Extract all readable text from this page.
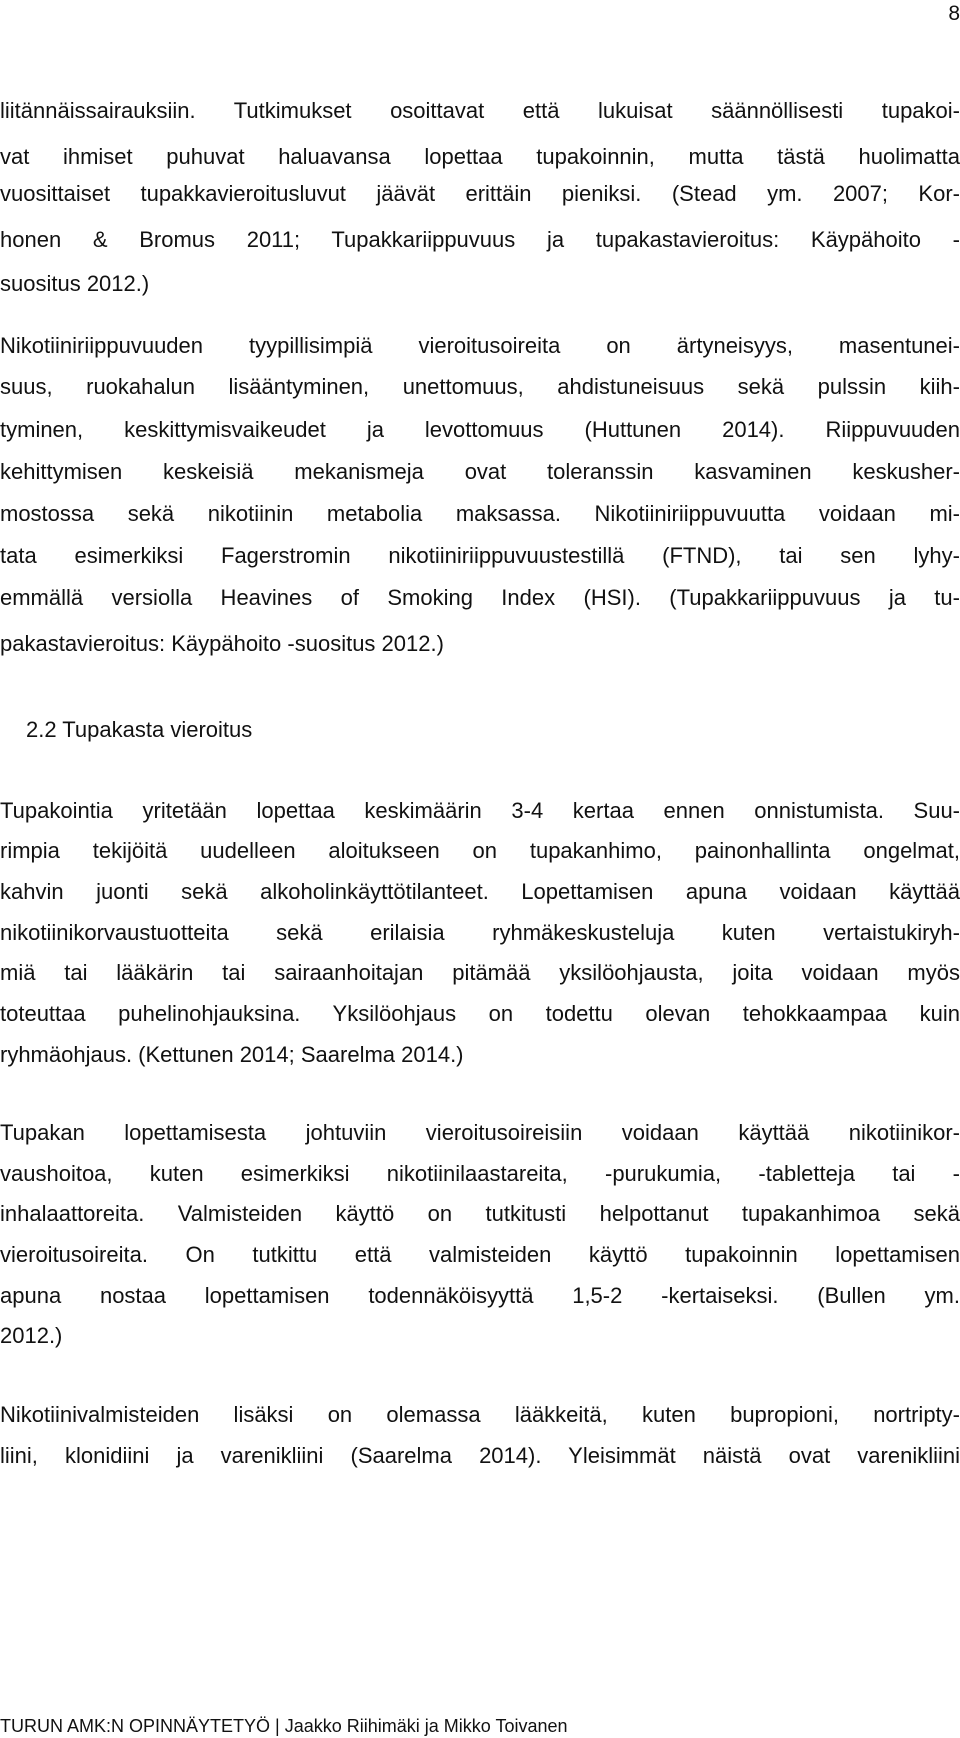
8
liitännäissairauksiin. Tutkimukset osoittavat että lukuisat säännöllisesti tupakoi-
vat ihmiset puhuvat haluavansa lopettaa tupakoinnin, mutta tästä huolimatta
vuosittaiset tupakkavieroitusluvut jäävät erittäin pieniksi. (Stead ym. 2007; Kor-
honen & Bromus 2011; Tupakkariippuvuus ja tupakastavieroitus: Käypähoito -
suositus 2012.)
Nikotiiniriippuvuuden tyypillisimpiä vieroitusoireita on ärtyneisyys, masentunei-
suus, ruokahalun lisääntyminen, unettomuus, ahdistuneisuus sekä pulssin kiih-
tyminen, keskittymisvaikeudet ja levottomuus (Huttunen 2014). Riippuvuuden
kehittymisen keskeisiä mekanismeja ovat toleranssin kasvaminen keskusher-
mostossa sekä nikotiinin metabolia maksassa. Nikotiiniriippuvuutta voidaan mi-
tata esimerkiksi Fagerstromin nikotiiniriippuvuustestillä (FTND), tai sen lyhy-
emmällä versiolla Heavines of Smoking Index (HSI). (Tupakkariippuvuus ja tu-
pakastavieroitus: Käypähoito -suositus 2012.)
2.2 Tupakasta vieroitus
Tupakointia yritetään lopettaa keskimäärin 3-4 kertaa ennen onnistumista. Suu-
rimpia tekijöitä uudelleen aloitukseen on tupakanhimo, painonhallinta ongelmat,
kahvin juonti sekä alkoholinkäyttötilanteet. Lopettamisen apuna voidaan käyttää
nikotiinikorvaustuotteita sekä erilaisia ryhmäkeskusteluja kuten vertaistukiryh-
miä tai lääkärin tai sairaanhoitajan pitämää yksilöohjausta, joita voidaan myös
toteuttaa puhelinohjauksina. Yksilöohjaus on todettu olevan tehokkaampaa kuin
ryhmäohjaus. (Kettunen 2014; Saarelma 2014.)
Tupakan lopettamisesta johtuviin vieroitusoireisiin voidaan käyttää nikotiinikor-
vaushoitoa, kuten esimerkiksi nikotiinilaastareita, -purukumia, -tabletteja tai -
inhalaattoreita. Valmisteiden käyttö on tutkitusti helpottanut tupakanhimoa sekä
vieroitusoireita. On tutkittu että valmisteiden käyttö tupakoinnin lopettamisen
apuna nostaa lopettamisen todennäköisyyttä 1,5-2 -kertaiseksi. (Bullen ym.
2012.)
Nikotiinivalmisteiden lisäksi on olemassa lääkkeitä, kuten bupropioni, nortripty-
liini, klonidiini ja varenikliini (Saarelma 2014). Yleisimmät näistä ovat varenikliini
TURUN AMK:N OPINNÄYTETYÖ | Jaakko Riihimäki ja Mikko Toivanen
